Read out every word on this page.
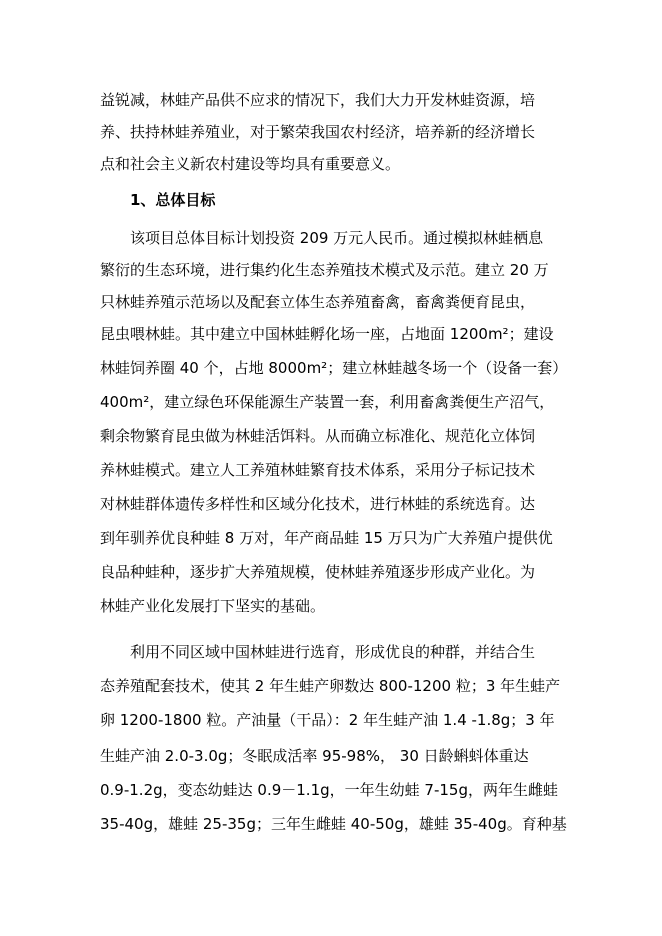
益锐减，林蛙产品供不应求的情况下，我们大力开发林蛙资源，培
养、扶持林蛙养殖业，对于繁荣我国农村经济，培养新的经济增长
点和社会主义新农村建设等均具有重要意义。
1、总体目标
该项目总体目标计划投资 209 万元人民币。通过模拟林蛙栖息
繁衍的生态环境，进行集约化生态养殖技术模式及示范。建立 20 万
只林蛙养殖示范场以及配套立体生态养殖畜禽，畜禽粪便育昆虫，
昆虫喂林蛙。其中建立中国林蛙孵化场一座，占地面 1200m²；建设
林蛙饲养圈 40 个，占地 8000m²；建立林蛙越冬场一个（设备一套）
400m²，建立绿色环保能源生产装置一套，利用畜禽粪便生产沼气，
剩余物繁育昆虫做为林蛙活饵料。从而确立标准化、规范化立体饲
养林蛙模式。建立人工养殖林蛙繁育技术体系，采用分子标记技术
对林蛙群体遗传多样性和区域分化技术，进行林蛙的系统选育。达
到年驯养优良种蛙 8 万对，年产商品蛙 15 万只为广大养殖户提供优
良品种蛙种，逐步扩大养殖规模，使林蛙养殖逐步形成产业化。为
林蛙产业化发展打下坚实的基础。
利用不同区域中国林蛙进行选育，形成优良的种群，并结合生
态养殖配套技术，使其 2 年生蛙产卵数达 800-1200 粒；3 年生蛙产
卵 1200-1800 粒。产油量（干品）：2 年生蛙产油 1.4 -1.8g；3 年
生蛙产油 2.0-3.0g；冬眠成活率 95-98%， 30 日龄蝌蚪体重达
0.9-1.2g，变态幼蛙达 0.9－1.1g，一年生幼蛙 7-15g，两年生雌蛙
35-40g，雄蛙 25-35g；三年生雌蛙 40-50g，雄蛙 35-40g。育种基
